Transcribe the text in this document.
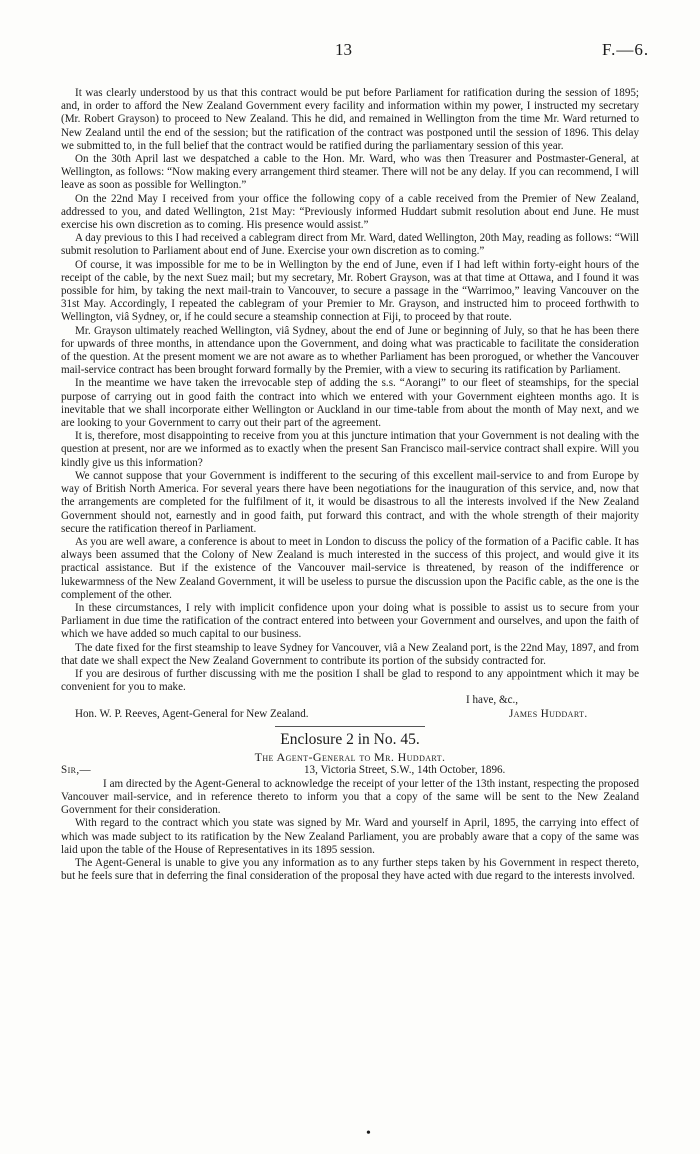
13	F.—6.

It was clearly understood by us that this contract would be put before Parliament for ratification during the session of 1895; and, in order to afford the New Zealand Government every facility and information within my power, I instructed my secretary (Mr. Robert Grayson) to proceed to New Zealand. This he did, and remained in Wellington from the time Mr. Ward returned to New Zealand until the end of the session; but the ratification of the contract was postponed until the session of 1896. This delay we submitted to, in the full belief that the contract would be ratified during the parliamentary session of this year.

On the 30th April last we despatched a cable to the Hon. Mr. Ward, who was then Treasurer and Postmaster-General, at Wellington, as follows: “Now making every arrangement third steamer. There will not be any delay. If you can recommend, I will leave as soon as possible for Wellington.”

On the 22nd May I received from your office the following copy of a cable received from the Premier of New Zealand, addressed to you, and dated Wellington, 21st May: “Previously informed Huddart submit resolution about end June. He must exercise his own discretion as to coming. His presence would assist.”

A day previous to this I had received a cablegram direct from Mr. Ward, dated Wellington, 20th May, reading as follows: “Will submit resolution to Parliament about end of June. Exercise your own discretion as to coming.”

Of course, it was impossible for me to be in Wellington by the end of June, even if I had left within forty-eight hours of the receipt of the cable, by the next Suez mail; but my secretary, Mr. Robert Grayson, was at that time at Ottawa, and I found it was possible for him, by taking the next mail-train to Vancouver, to secure a passage in the “Warrimoo,” leaving Vancouver on the 31st May. Accordingly, I repeated the cablegram of your Premier to Mr. Grayson, and instructed him to proceed forthwith to Wellington, viâ Sydney, or, if he could secure a steamship connection at Fiji, to proceed by that route.

Mr. Grayson ultimately reached Wellington, viâ Sydney, about the end of June or beginning of July, so that he has been there for upwards of three months, in attendance upon the Government, and doing what was practicable to facilitate the consideration of the question. At the present moment we are not aware as to whether Parliament has been prorogued, or whether the Vancouver mail-service contract has been brought forward formally by the Premier, with a view to securing its ratification by Parliament.

In the meantime we have taken the irrevocable step of adding the s.s. “Aorangi” to our fleet of steamships, for the special purpose of carrying out in good faith the contract into which we entered with your Government eighteen months ago. It is inevitable that we shall incorporate either Wellington or Auckland in our time-table from about the month of May next, and we are looking to your Government to carry out their part of the agreement.

It is, therefore, most disappointing to receive from you at this juncture intimation that your Government is not dealing with the question at present, nor are we informed as to exactly when the present San Francisco mail-service contract shall expire. Will you kindly give us this information?

We cannot suppose that your Government is indifferent to the securing of this excellent mail-service to and from Europe by way of British North America. For several years there have been negotiations for the inauguration of this service, and, now that the arrangements are completed for the fulfilment of it, it would be disastrous to all the interests involved if the New Zealand Government should not, earnestly and in good faith, put forward this contract, and with the whole strength of their majority secure the ratification thereof in Parliament.

As you are well aware, a conference is about to meet in London to discuss the policy of the formation of a Pacific cable. It has always been assumed that the Colony of New Zealand is much interested in the success of this project, and would give it its practical assistance. But if the existence of the Vancouver mail-service is threatened, by reason of the indifference or lukewarmness of the New Zealand Government, it will be useless to pursue the discussion upon the Pacific cable, as the one is the complement of the other.

In these circumstances, I rely with implicit confidence upon your doing what is possible to assist us to secure from your Parliament in due time the ratification of the contract entered into between your Government and ourselves, and upon the faith of which we have added so much capital to our business.

The date fixed for the first steamship to leave Sydney for Vancouver, viâ a New Zealand port, is the 22nd May, 1897, and from that date we shall expect the New Zealand Government to contribute its portion of the subsidy contracted for.

If you are desirous of further discussing with me the position I shall be glad to respond to any appointment which it may be convenient for you to make.

I have, &c.,
Hon. W. P. Reeves, Agent-General for New Zealand.	James Huddart.
Enclosure 2 in No. 45.
The Agent-General to Mr. Huddart.
Sir,—	13, Victoria Street, S.W., 14th October, 1896.

I am directed by the Agent-General to acknowledge the receipt of your letter of the 13th instant, respecting the proposed Vancouver mail-service, and in reference thereto to inform you that a copy of the same will be sent to the New Zealand Government for their consideration.

With regard to the contract which you state was signed by Mr. Ward and yourself in April, 1895, the carrying into effect of which was made subject to its ratification by the New Zealand Parliament, you are probably aware that a copy of the same was laid upon the table of the House of Representatives in its 1895 session.

The Agent-General is unable to give you any information as to any further steps taken by his Government in respect thereto, but he feels sure that in deferring the final consideration of the proposal they have acted with due regard to the interests involved.

•
